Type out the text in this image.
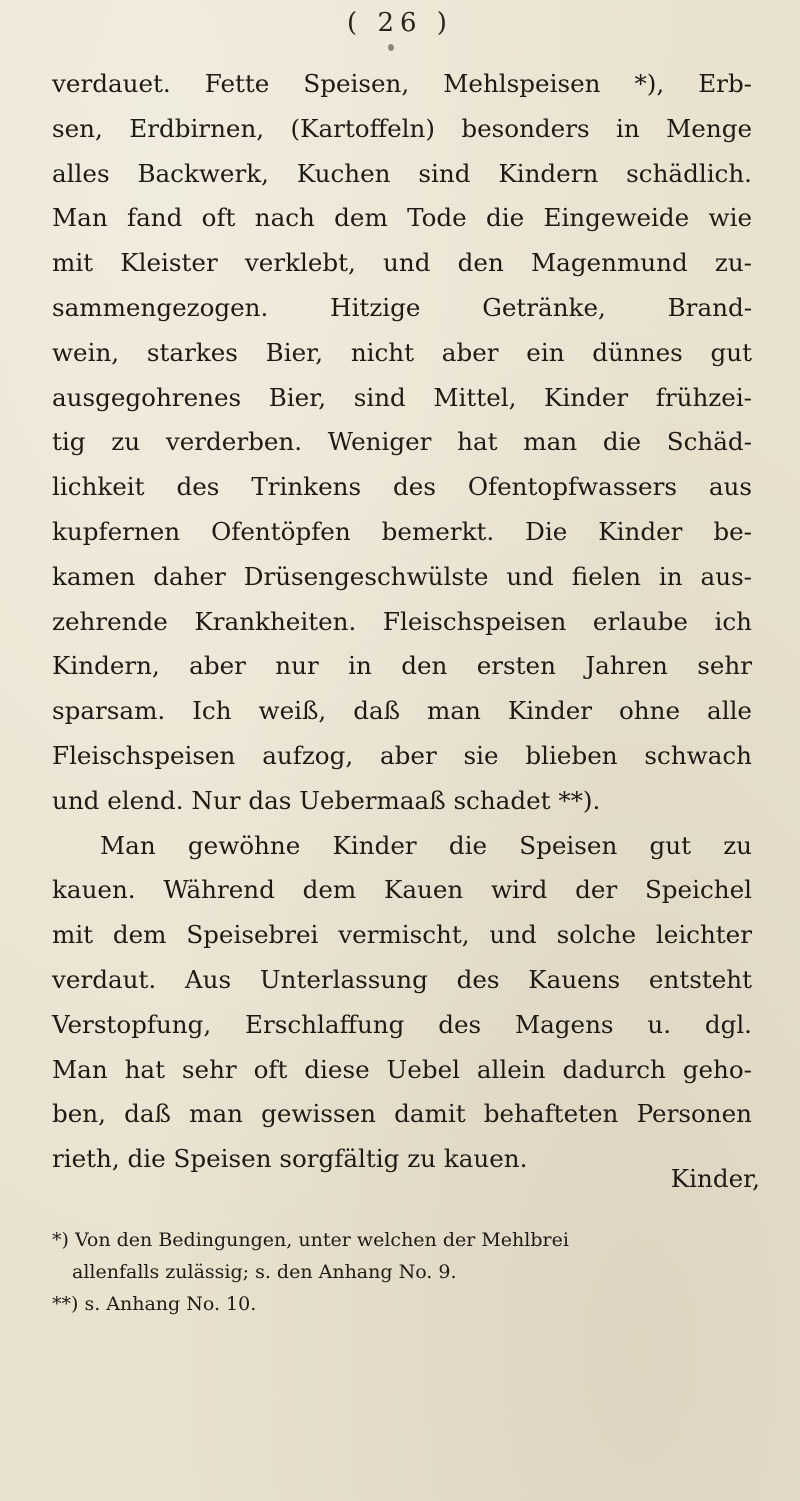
( 26 )
verdauet. Fette Speisen, Mehlspeisen *), Erb-
sen, Erdbirnen, (Kartoffeln) besonders in Menge
alles Backwerk, Kuchen sind Kindern schädlich.
Man fand oft nach dem Tode die Eingeweide wie
mit Kleister verklebt, und den Magenmund zu-
sammengezogen. Hitzige Getränke, Brand-
wein, starkes Bier, nicht aber ein dünnes gut
ausgegohrenes Bier, sind Mittel, Kinder frühzei-
tig zu verderben. Weniger hat man die Schäd-
lichkeit des Trinkens des Ofentopfwassers aus
kupfernen Ofentöpfen bemerkt. Die Kinder be-
kamen daher Drüsengeschwülste und fielen in aus-
zehrende Krankheiten. Fleischspeisen erlaube ich
Kindern, aber nur in den ersten Jahren sehr
sparsam. Ich weiß, daß man Kinder ohne alle
Fleischspeisen aufzog, aber sie blieben schwach
und elend. Nur das Uebermaaß schadet **).
Man gewöhne Kinder die Speisen gut zu
kauen. Während dem Kauen wird der Speichel
mit dem Speisebrei vermischt, und solche leichter
verdaut. Aus Unterlassung des Kauens entsteht
Verstopfung, Erschlaffung des Magens u. dgl.
Man hat sehr oft diese Uebel allein dadurch geho-
ben, daß man gewissen damit behafteten Personen
rieth, die Speisen sorgfältig zu kauen.
Kinder,
*) Von den Bedingungen, unter welchen der Mehlbrei
allenfalls zulässig; s. den Anhang No. 9.
**) s. Anhang No. 10.
